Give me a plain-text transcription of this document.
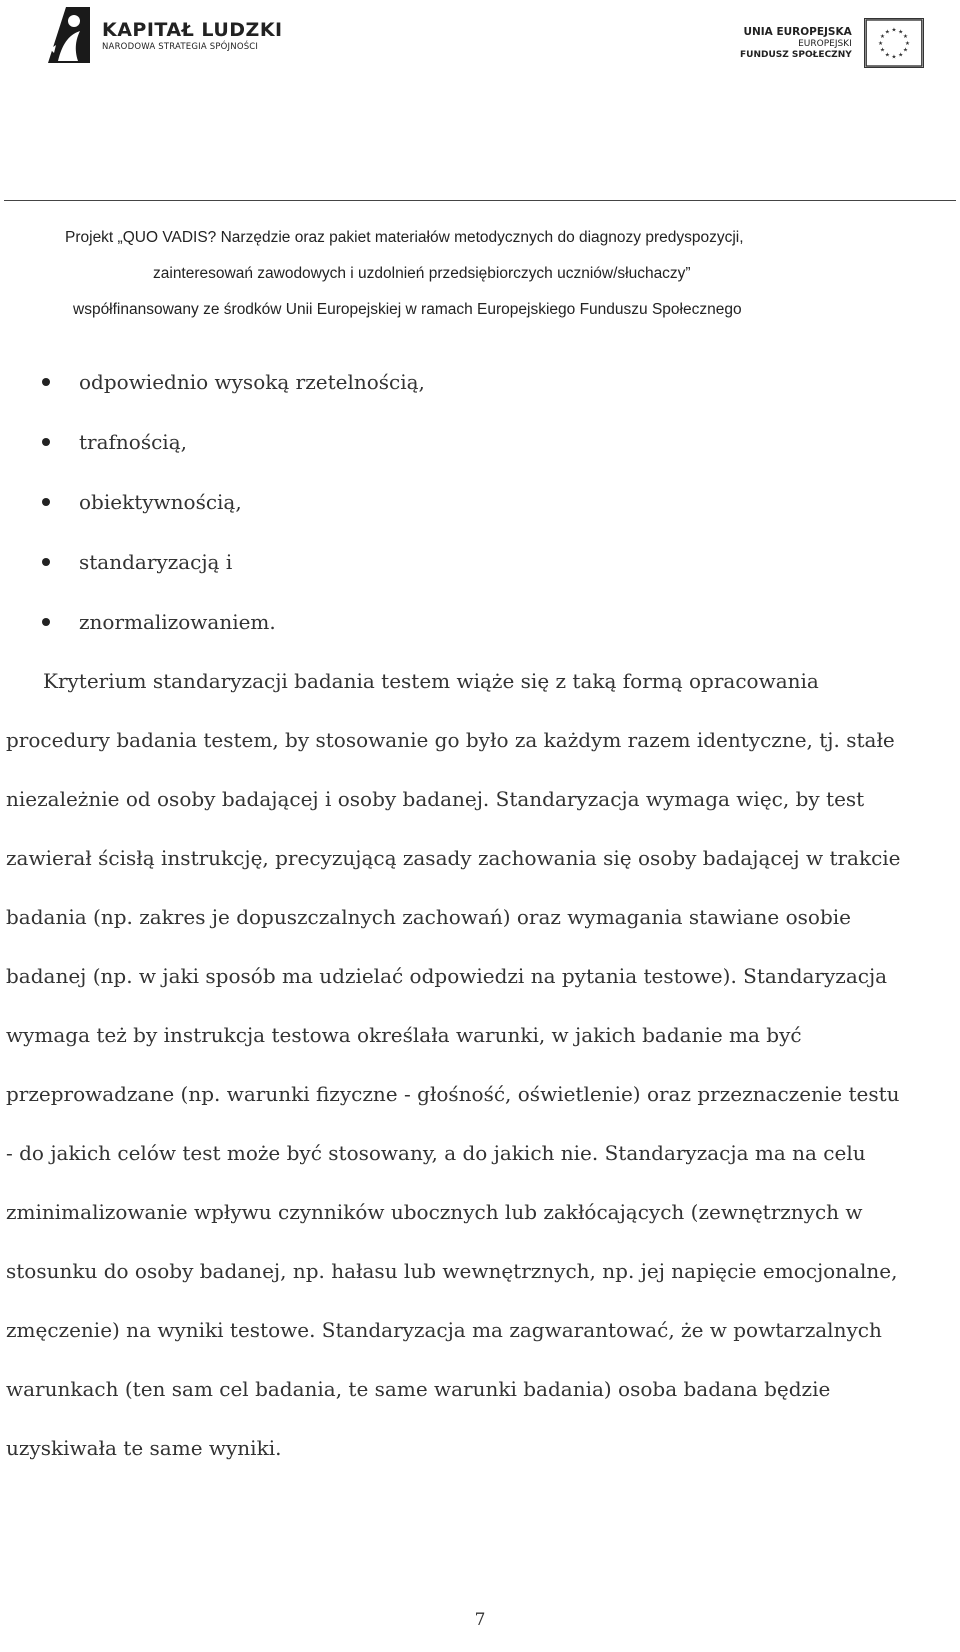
KAPITAŁ LUDZKI
NARODOWA STRATEGIA SPÓJNOŚCI
UNIA EUROPEJSKA
EUROPEJSKI
FUNDUSZ SPOŁECZNY
★ ★
★
★
★
★
★
★
★
★
★
★
Projekt „QUO VADIS? Narzędzie oraz pakiet materiałów metodycznych do diagnozy predyspozycji,
zainteresowań zawodowych i uzdolnień przedsiębiorczych uczniów/słuchaczy”
współfinansowany ze środków Unii Europejskiej w ramach Europejskiego Funduszu Społecznego
odpowiednio wysoką rzetelnością,
trafnością,
obiektywnością,
standaryzacją i
znormalizowaniem.

Kryterium standaryzacji badania testem wiąże się z taką formą opracowania
procedury badania testem, by stosowanie go było za każdym razem identyczne, tj. stałe
niezależnie od osoby badającej i osoby badanej. Standaryzacja wymaga więc, by test
zawierał ścisłą instrukcję, precyzującą zasady zachowania się osoby badającej w trakcie
badania (np. zakres je dopuszczalnych zachowań) oraz wymagania stawiane osobie
badanej (np. w jaki sposób ma udzielać odpowiedzi na pytania testowe). Standaryzacja
wymaga też by instrukcja testowa określała warunki, w jakich badanie ma być
przeprowadzane (np. warunki fizyczne - głośność, oświetlenie) oraz przeznaczenie testu
- do jakich celów test może być stosowany, a do jakich nie. Standaryzacja ma na celu
zminimalizowanie wpływu czynników ubocznych lub zakłócających (zewnętrznych w
stosunku do osoby badanej, np. hałasu lub wewnętrznych, np. jej napięcie emocjonalne,
zmęczenie) na wyniki testowe. Standaryzacja ma zagwarantować, że w powtarzalnych
warunkach (ten sam cel badania, te same warunki badania) osoba badana będzie
uzyskiwała te same wyniki.

7
